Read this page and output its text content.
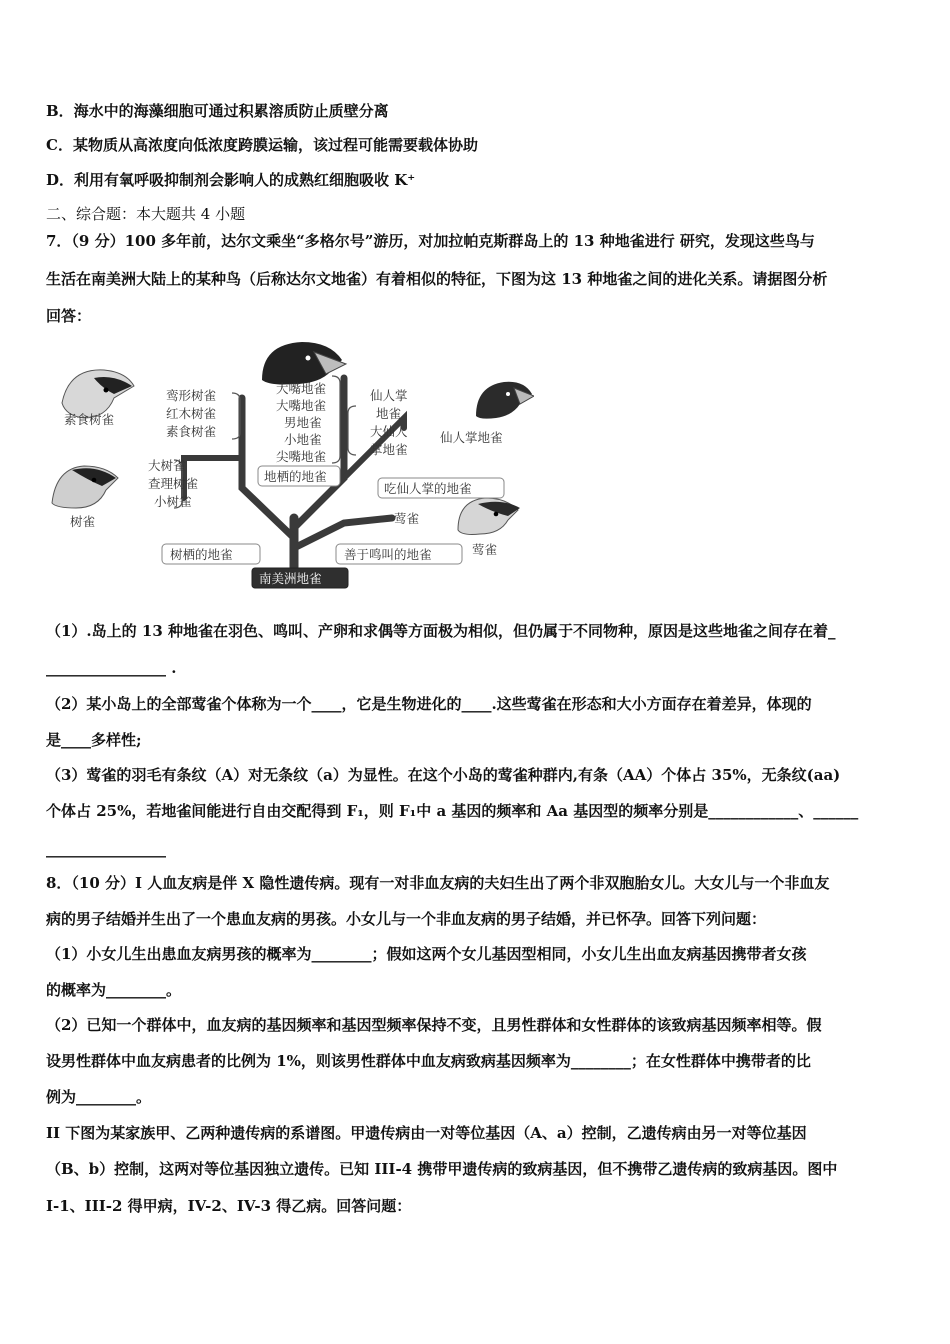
B．海水中的海藻细胞可通过积累溶质防止质壁分离
C．某物质从高浓度向低浓度跨膜运输，该过程可能需要载体协助
D．利用有氧呼吸抑制剂会影响人的成熟红细胞吸收 K⁺
二、综合题：本大题共 4 小题
7．（9 分）100 多年前，达尔文乘坐“多格尔号”游历，对加拉帕克斯群岛上的 13 种地雀进行 研究，发现这些鸟与
生活在南美洲大陆上的某种鸟（后称达尔文地雀）有着相似的特征，下图为这 13 种地雀之间的进化关系。请据图分析
回答：
素食树雀
树雀
仙人掌地雀
莺雀
鸾形树雀
红木树雀
素食树雀
大树雀
查理树雀
小树雀
大嘴地雀
大嘴地雀
男地雀
小地雀
尖嘴地雀
仙人掌
地雀
大仙人
掌地雀
地栖的地雀
吃仙人掌的地雀
莺雀
树栖的地雀	善于鸣叫的地雀
南美洲地雀
（1）.岛上的 13 种地雀在羽色、鸣叫、产卵和求偶等方面极为相似，但仍属于不同物种，原因是这些地雀之间存在着_
________________ .
（2）某小岛上的全部莺雀个体称为一个____，它是生物进化的____.这些莺雀在形态和大小方面存在着差异，体现的
是____多样性;
（3）莺雀的羽毛有条纹（A）对无条纹（a）为显性。在这个小岛的莺雀种群内,有条（AA）个体占 35%，无条纹(aa)
个体占 25%，若地雀间能进行自由交配得到 F₁，则 F₁中 a 基因的频率和 Aa 基因型的频率分别是____________、______
________________
8．（10 分）I 人血友病是伴 X 隐性遗传病。现有一对非血友病的夫妇生出了两个非双胞胎女儿。大女儿与一个非血友
病的男子结婚并生出了一个患血友病的男孩。小女儿与一个非血友病的男子结婚，并已怀孕。回答下列问题：
（1）小女儿生出患血友病男孩的概率为________；假如这两个女儿基因型相同，小女儿生出血友病基因携带者女孩
的概率为________。
（2）已知一个群体中，血友病的基因频率和基因型频率保持不变，且男性群体和女性群体的该致病基因频率相等。假
设男性群体中血友病患者的比例为 1%，则该男性群体中血友病致病基因频率为________；在女性群体中携带者的比
例为________。
II 下图为某家族甲、乙两种遗传病的系谱图。甲遗传病由一对等位基因（A、a）控制，乙遗传病由另一对等位基因
（B、b）控制，这两对等位基因独立遗传。已知 III-4 携带甲遗传病的致病基因，但不携带乙遗传病的致病基因。图中
I-1、III-2 得甲病，IV-2、IV-3 得乙病。回答问题：
